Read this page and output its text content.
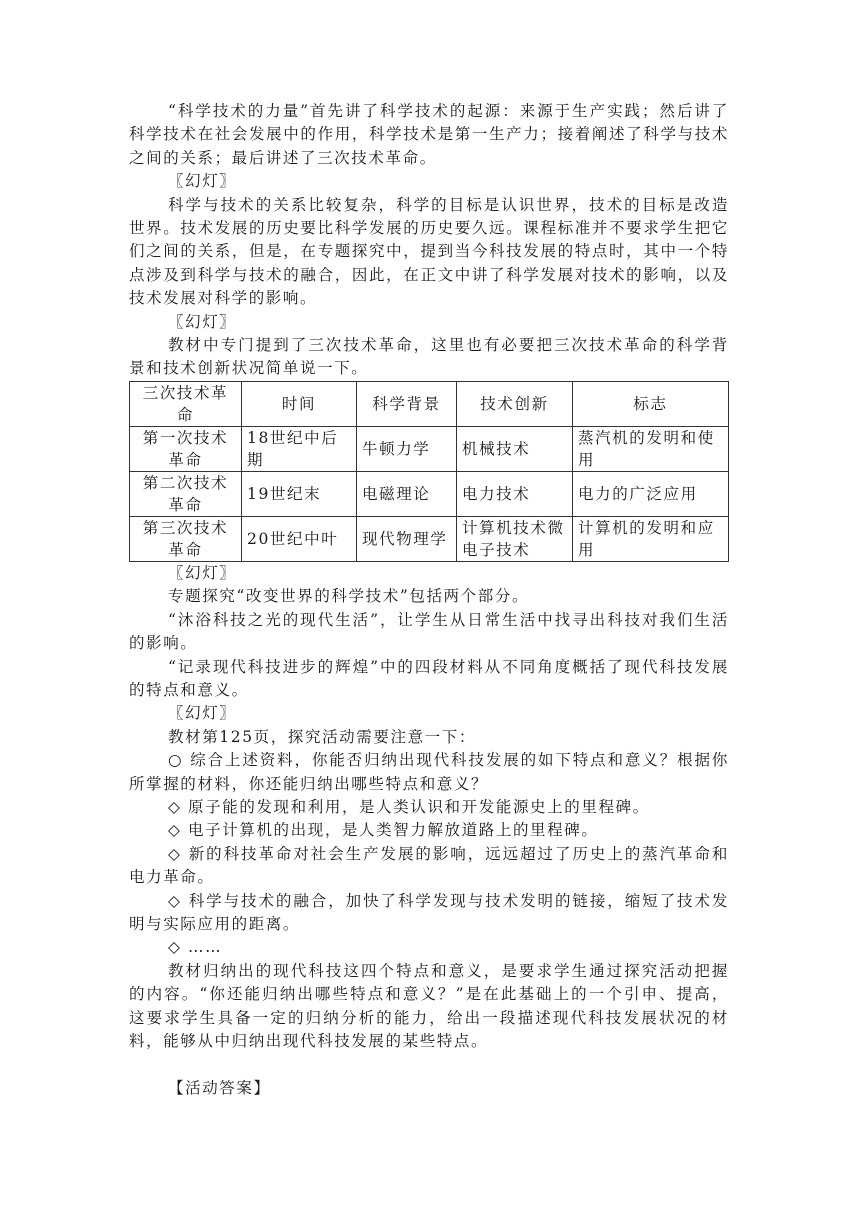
“科学技术的力量”首先讲了科学技术的起源：来源于生产实践；然后讲了科学技术在社会发展中的作用，科学技术是第一生产力；接着阐述了科学与技术之间的关系；最后讲述了三次技术革命。

〖幻灯〗

科学与技术的关系比较复杂，科学的目标是认识世界，技术的目标是改造世界。技术发展的历史要比科学发展的历史要久远。课程标准并不要求学生把它们之间的关系，但是，在专题探究中，提到当今科技发展的特点时，其中一个特点涉及到科学与技术的融合，因此，在正文中讲了科学发展对技术的影响，以及技术发展对科学的影响。

〖幻灯〗

教材中专门提到了三次技术革命，这里也有必要把三次技术革命的科学背景和技术创新状况简单说一下。

三次技术革命	时间	科学背景	技术创新	标志
第一次技术革命	18世纪中后期	牛顿力学	机械技术	蒸汽机的发明和使用
第二次技术革命	19世纪末	电磁理论	电力技术	电力的广泛应用
第三次技术革命	20世纪中叶	现代物理学	计算机技术微电子技术	计算机的发明和应用

〖幻灯〗

专题探究“改变世界的科学技术”包括两个部分。

“沐浴科技之光的现代生活”，让学生从日常生活中找寻出科技对我们生活的影响。

“记录现代科技进步的辉煌”中的四段材料从不同角度概括了现代科技发展的特点和意义。

〖幻灯〗

教材第125页，探究活动需要注意一下：

○ 综合上述资料，你能否归纳出现代科技发展的如下特点和意义？根据你所掌握的材料，你还能归纳出哪些特点和意义？

◇ 原子能的发现和利用，是人类认识和开发能源史上的里程碑。

◇ 电子计算机的出现，是人类智力解放道路上的里程碑。

◇ 新的科技革命对社会生产发展的影响，远远超过了历史上的蒸汽革命和电力革命。

◇ 科学与技术的融合，加快了科学发现与技术发明的链接，缩短了技术发明与实际应用的距离。

◇ ……

教材归纳出的现代科技这四个特点和意义，是要求学生通过探究活动把握的内容。“你还能归纳出哪些特点和意义？”是在此基础上的一个引申、提高，这要求学生具备一定的归纳分析的能力，给出一段描述现代科技发展状况的材料，能够从中归纳出现代科技发展的某些特点。

【活动答案】
